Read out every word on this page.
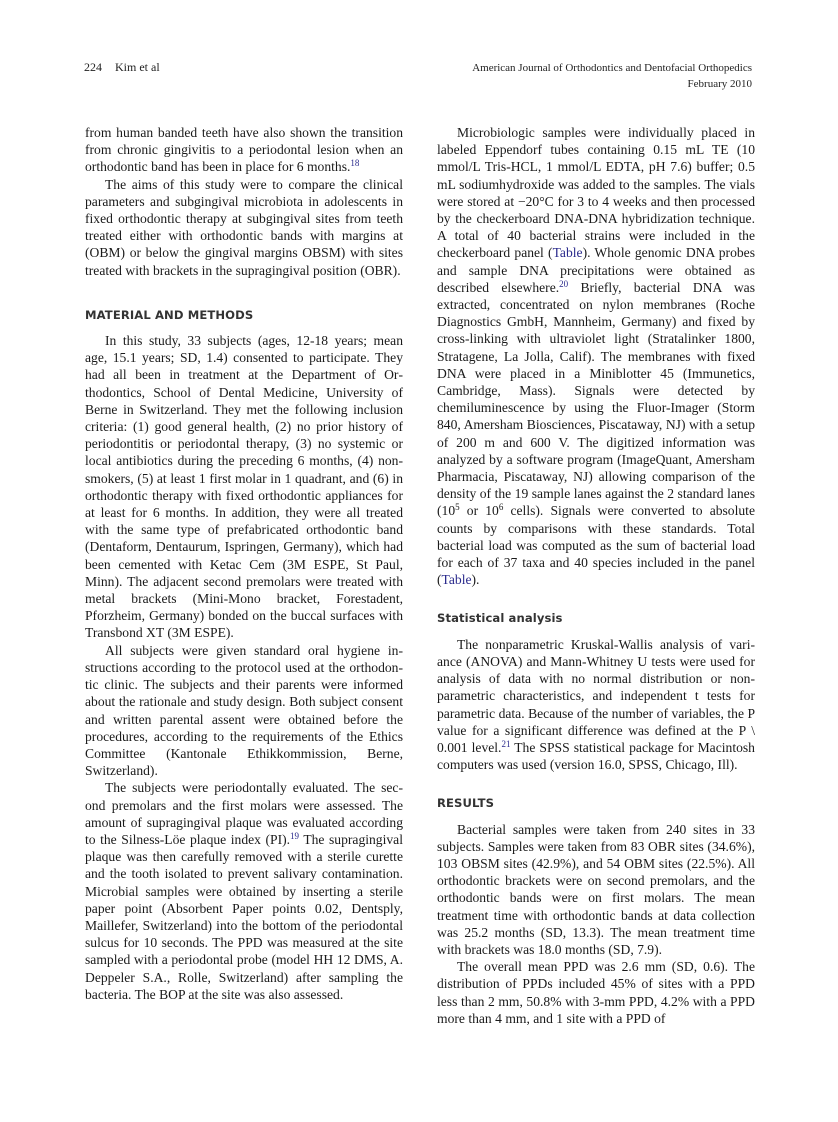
224 Kim et al	American Journal of Orthodontics and Dentofacial Orthopedics
February 2010

from human banded teeth have also shown the transition from chronic gingivitis to a periodontal lesion when an orthodontic band has been in place for 6 months.$^{18}$

The aims of this study were to compare the clinical parameters and subgingival microbiota in adolescents in fixed orthodontic therapy at subgingival sites from teeth treated either with orthodontic bands with margins at (OBM) or below the gingival margins OBSM) with sites treated with brackets in the supragingival position (OBR).

MATERIAL AND METHODS

In this study, 33 subjects (ages, 12-18 years; mean age, 15.1 years; SD, 1.4) consented to participate. They had all been in treatment at the Department of Orthodontics, School of Dental Medicine, University of Berne in Switzerland. They met the following inclusion criteria: (1) good general health, (2) no prior history of periodontitis or periodontal therapy, (3) no systemic or local antibiotics during the preceding 6 months, (4) non-smokers, (5) at least 1 first molar in 1 quadrant, and (6) in orthodontic therapy with fixed orthodontic appliances for at least for 6 months. In addition, they were all treated with the same type of prefabricated orthodontic band (Dentaform, Dentaurum, Ispringen, Germany), which had been cemented with Ketac Cem (3M ESPE, St Paul, Minn). The adjacent second premolars were treated with metal brackets (Mini-Mono bracket, Forestadent, Pforzheim, Germany) bonded on the buccal surfaces with Transbond XT (3M ESPE).

All subjects were given standard oral hygiene instructions according to the protocol used at the orthodontic clinic. The subjects and their parents were informed about the rationale and study design. Both subject consent and written parental assent were obtained before the procedures, according to the requirements of the Ethics Committee (Kantonale Ethikkommission, Berne, Switzerland).

The subjects were periodontally evaluated. The second premolars and the first molars were assessed. The amount of supragingival plaque was evaluated according to the Silness-Löe plaque index (PI).$^{19}$ The supragingival plaque was then carefully removed with a sterile curette and the tooth isolated to prevent salivary contamination. Microbial samples were obtained by inserting a sterile paper point (Absorbent Paper points 0.02, Dentsply, Maillefer, Switzerland) into the bottom of the periodontal sulcus for 10 seconds. The PPD was measured at the site sampled with a periodontal probe (model HH 12 DMS, A. Deppeler S.A., Rolle, Switzerland) after sampling the bacteria. The BOP at the site was also assessed.

Microbiologic samples were individually placed in labeled Eppendorf tubes containing 0.15 mL TE (10 mmol/L Tris-HCL, 1 mmol/L EDTA, pH 7.6) buffer; 0.5 mL sodiumhydroxide was added to the samples. The vials were stored at −20°C for 3 to 4 weeks and then processed by the checkerboard DNA-DNA hybridization technique. A total of 40 bacterial strains were included in the checkerboard panel (Table). Whole genomic DNA probes and sample DNA precipitations were obtained as described elsewhere.$^{20}$ Briefly, bacterial DNA was extracted, concentrated on nylon membranes (Roche Diagnostics GmbH, Mannheim, Germany) and fixed by cross-linking with ultraviolet light (Stratalinker 1800, Stratagene, La Jolla, Calif). The membranes with fixed DNA were placed in a Miniblotter 45 (Immunetics, Cambridge, Mass). Signals were detected by chemiluminescence by using the Fluor-Imager (Storm 840, Amersham Biosciences, Piscataway, NJ) with a setup of 200 m and 600 V. The digitized information was analyzed by a software program (ImageQuant, Amersham Pharmacia, Piscataway, NJ) allowing comparison of the density of the 19 sample lanes against the 2 standard lanes ($10^5$ or $10^6$ cells). Signals were converted to absolute counts by comparisons with these standards. Total bacterial load was computed as the sum of bacterial load for each of 37 taxa and 40 species included in the panel (Table).

Statistical analysis

The nonparametric Kruskal-Wallis analysis of variance (ANOVA) and Mann-Whitney U tests were used for analysis of data with no normal distribution or nonparametric characteristics, and independent t tests for parametric data. Because of the number of variables, the P value for a significant difference was defined at the P \ 0.001 level.$^{21}$ The SPSS statistical package for Macintosh computers was used (version 16.0, SPSS, Chicago, Ill).

RESULTS

Bacterial samples were taken from 240 sites in 33 subjects. Samples were taken from 83 OBR sites (34.6%), 103 OBSM sites (42.9%), and 54 OBM sites (22.5%). All orthodontic brackets were on second premolars, and the orthodontic bands were on first molars. The mean treatment time with orthodontic bands at data collection was 25.2 months (SD, 13.3). The mean treatment time with brackets was 18.0 months (SD, 7.9).

The overall mean PPD was 2.6 mm (SD, 0.6). The distribution of PPDs included 45% of sites with a PPD less than 2 mm, 50.8% with 3-mm PPD, 4.2% with a PPD more than 4 mm, and 1 site with a PPD of
